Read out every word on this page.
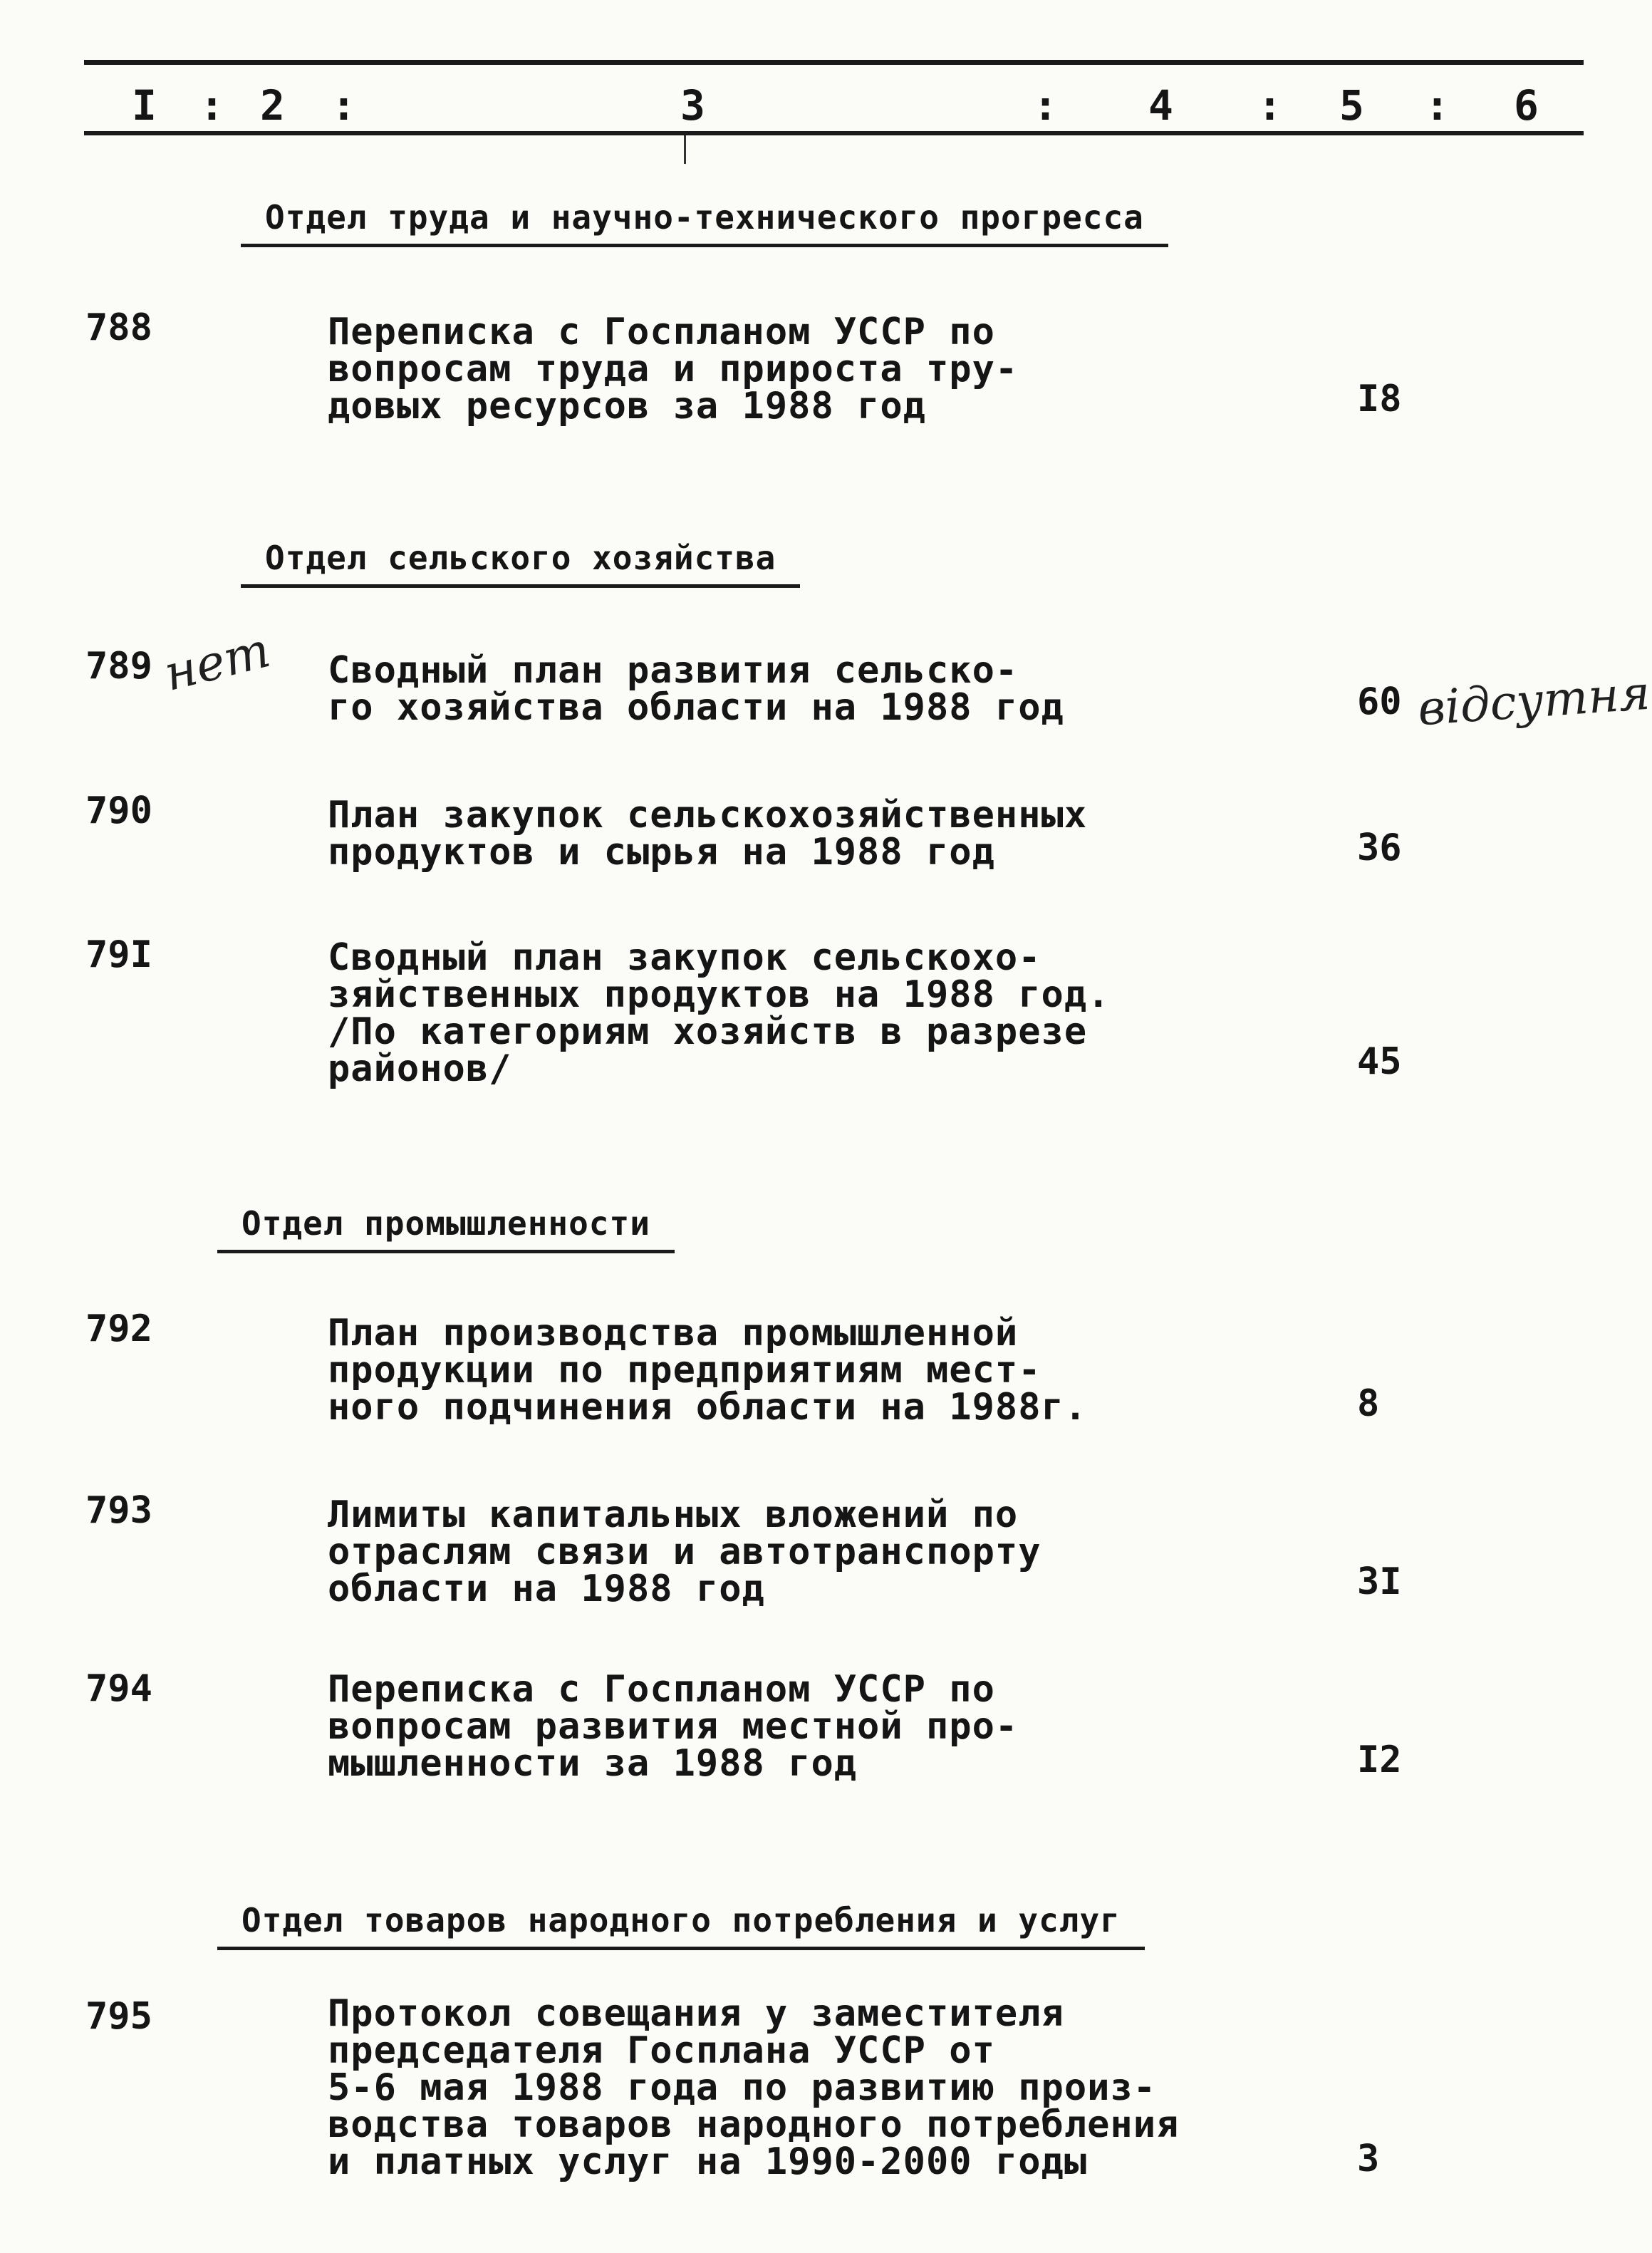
I : 2 :	3	: 4 : 5 : 6
Отдел труда и научно-технического прогресса
788	Переписка с Госпланом УССР по
вопросам труда и прироста тру-
довых ресурсов за 1988 год	I8
Отдел сельского хозяйства
789 нет Сводный план развития сельско-
го хозяйства области на 1988 год	60 відсутня
790	План закупок сельскохозяйственных
продуктов и сырья на 1988 год	36
79I	Сводный план закупок сельскохо-
зяйственных продуктов на 1988 год.
/По категориям хозяйств в разрезе
районов/	45
Отдел промышленности
792	План производства промышленной
продукции по предприятиям мест-
ного подчинения области на 1988г.	8
793	Лимиты капитальных вложений по
отраслям связи и автотранспорту
области на 1988 год	3I
794	Переписка с Госпланом УССР по
вопросам развития местной про-
мышленности за 1988 год	I2
Отдел товаров народного потребления и услуг
795	Протокол совещания у заместителя
председателя Госплана УССР от
5-6 мая 1988 года по развитию произ-
водства товаров народного потребления
и платных услуг на 1990-2000 годы	3
